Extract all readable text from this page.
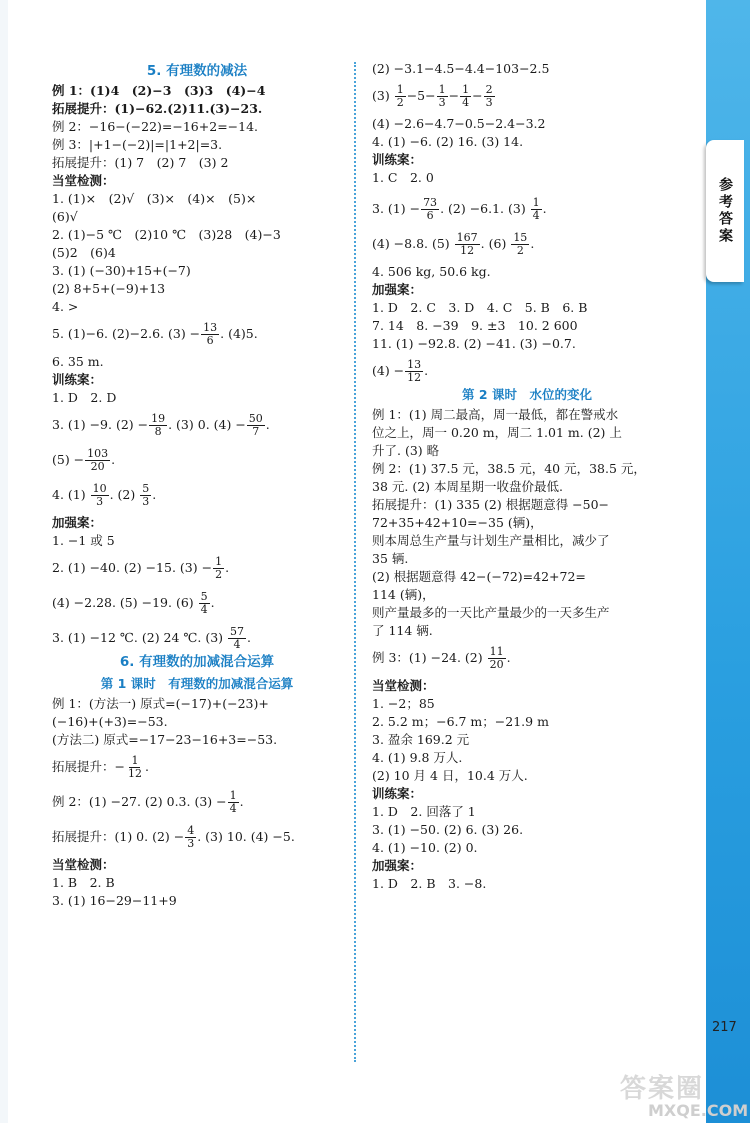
5. 有理数的减法

例 1：(1)4　(2)−3　(3)3　(4)−4

拓展提升：(1)−62.(2)11.(3)−23.

例 2：−16−(−22)=−16+2=−14.

例 3：|+1−(−2)|=|1+2|=3.

拓展提升：(1) 7　(2) 7　(3) 2

当堂检测：

1. (1)×　(2)√　(3)×　(4)×　(5)×

(6)√

2. (1)−5 ℃　(2)10 ℃　(3)28　(4)−3

(5)2　(6)4

3. (1) (−30)+15+(−7)

(2) 8+5+(−9)+13

4. >

5. (1)−6. (2)−2.6. $(3) - \frac{13}{6}$ . (4)5.

6. 35 m.

训练案：

1. D　2. D

3. (1) −9. $(2) - \frac{19}{8}$ . (3) 0. $(4) - \frac{50}{7}$ .

$(5) - \frac{103}{20}$ .

4. $(1) \frac{10}{3}$ . $(2) \frac{5}{3}$ .

加强案：

1. −1 或 5

2. (1) −40. (2) −15. $(3) - \frac{1}{2}$ .

(4) −2.28. (5) −19. $(6) \frac{5}{4}$ .

3. (1) −12 ℃. (2) 24 ℃. $(3) \frac{57}{4}$ .

6. 有理数的加减混合运算
第 1 课时　有理数的加减混合运算

例 1：(方法一) 原式=(−17)+(−23)+

(−16)+(+3)=−53.

(方法二) 原式=−17−23−16+3=−53.

拓展提升：− $\frac{1}{12}$ .

例 2：(1) −27. (2) 0.3. $(3) - \frac{1}{4}$ .

拓展提升：(1) 0. $(2) - \frac{4}{3}$ . (3) 10. (4) −5.

当堂检测：

1. B　2. B

3. (1) 16−29−11+9

(2) −3.1−4.5−4.4−103−2.5

$(3) \frac{1}{2} -5- \frac{1}{3} - \frac{1}{4} - \frac{2}{3}$

(4) −2.6−4.7−0.5−2.4−3.2

4. (1) −6. (2) 16. (3) 14.

训练案：

1. C　2. 0

3. $(1) - \frac{73}{6}$ . (2) −6.1. $(3) \frac{1}{4}$ .

(4) −8.8. $(5) \frac{167}{12}$ . $(6) \frac{15}{2}$ .

4. 506 kg, 50.6 kg.

加强案：

1. D　2. C　3. D　4. C　5. B　6. B

7. 14　8. −39　9. ±3　10. 2 600

11. (1) −92.8. (2) −41. (3) −0.7.

$(4) - \frac{13}{12}$ .

第 2 课时　水位的变化

例 1：(1) 周二最高，周一最低，都在警戒水

位之上，周一 0.20 m，周二 1.01 m. (2) 上

升了. (3) 略

例 2：(1) 37.5 元，38.5 元，40 元，38.5 元，

38 元. (2) 本周星期一收盘价最低.

拓展提升：(1) 335 (2) 根据题意得 −50−

72+35+42+10=−35 (辆)，

则本周总生产量与计划生产量相比，减少了

35 辆.

(2) 根据题意得 42−(−72)=42+72=

114 (辆)，

则产量最多的一天比产量最少的一天多生产

了 114 辆.

例 3：(1) −24. $(2) \frac{11}{20}$ .

当堂检测：

1. −2；85

2. 5.2 m；−6.7 m；−21.9 m

3. 盈余 169.2 元

4. (1) 9.8 万人.

(2) 10 月 4 日，10.4 万人.

训练案：

1. D　2. 回落了 1

3. (1) −50. (2) 6. (3) 26.

4. (1) −10. (2) 0.

加强案：

1. D　2. B　3. −8.

参考答案
217
答案圈
MXQE.COM
